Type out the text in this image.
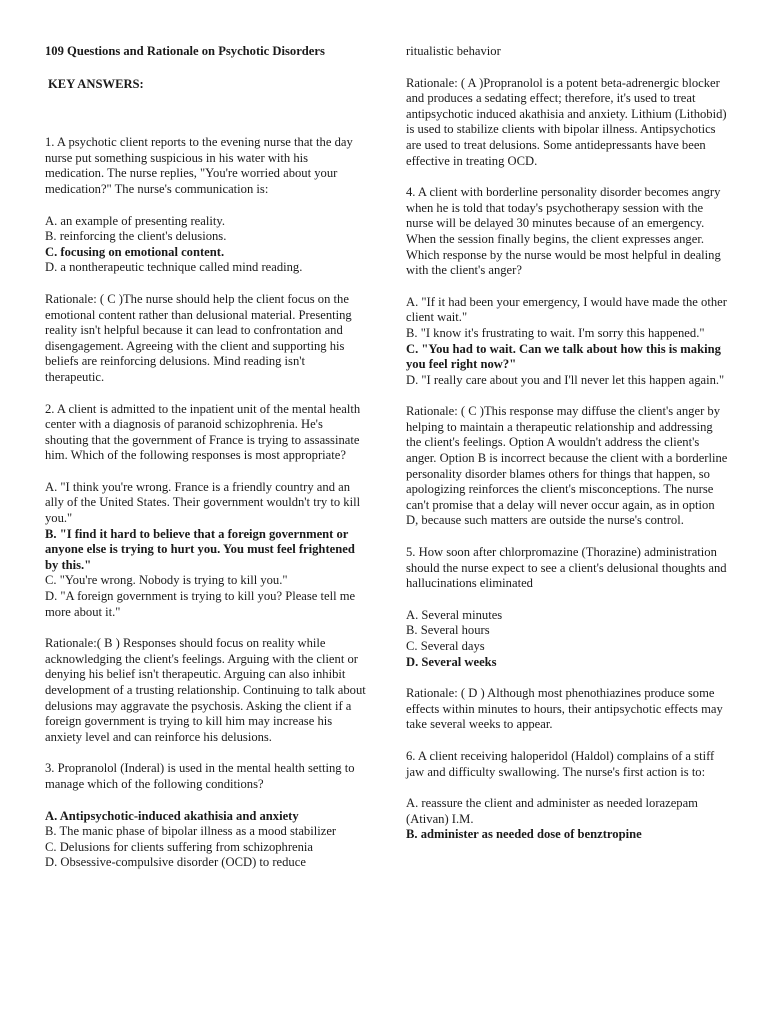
109 Questions and Rationale on Psychotic Disorders

KEY ANSWERS:

1. A psychotic client reports to the evening nurse that the day nurse put something suspicious in his water with his medication. The nurse replies, "You're worried about your medication?" The nurse's communication is:

A. an example of presenting reality.

B. reinforcing the client's delusions.

C. focusing on emotional content.

D. a nontherapeutic technique called mind reading.

Rationale: ( C )The nurse should help the client focus on the emotional content rather than delusional material. Presenting reality isn't helpful because it can lead to confrontation and disengagement. Agreeing with the client and supporting his beliefs are reinforcing delusions. Mind reading isn't therapeutic.

2. A client is admitted to the inpatient unit of the mental health center with a diagnosis of paranoid schizophrenia. He's shouting that the government of France is trying to assassinate him. Which of the following responses is most appropriate?

A. "I think you're wrong. France is a friendly country and an ally of the United States. Their government wouldn't try to kill you."

B. "I find it hard to believe that a foreign government or anyone else is trying to hurt you. You must feel frightened by this."

C. "You're wrong. Nobody is trying to kill you."

D. "A foreign government is trying to kill you? Please tell me more about it."

Rationale:( B ) Responses should focus on reality while acknowledging the client's feelings. Arguing with the client or denying his belief isn't therapeutic. Arguing can also inhibit development of a trusting relationship. Continuing to talk about delusions may aggravate the psychosis. Asking the client if a foreign government is trying to kill him may increase his anxiety level and can reinforce his delusions.

3. Propranolol (Inderal) is used in the mental health setting to manage which of the following conditions?

A. Antipsychotic-induced akathisia and anxiety

B. The manic phase of bipolar illness as a mood stabilizer

C. Delusions for clients suffering from schizophrenia

D. Obsessive-compulsive disorder (OCD) to reduce

ritualistic behavior

Rationale: ( A )Propranolol is a potent beta-adrenergic blocker and produces a sedating effect; therefore, it's used to treat antipsychotic induced akathisia and anxiety. Lithium (Lithobid) is used to stabilize clients with bipolar illness. Antipsychotics are used to treat delusions. Some antidepressants have been effective in treating OCD.

4. A client with borderline personality disorder becomes angry when he is told that today's psychotherapy session with the nurse will be delayed 30 minutes because of an emergency. When the session finally begins, the client expresses anger. Which response by the nurse would be most helpful in dealing with the client's anger?

A. "If it had been your emergency, I would have made the other client wait."

B. "I know it's frustrating to wait. I'm sorry this happened."

C. "You had to wait. Can we talk about how this is making you feel right now?"

D. "I really care about you and I'll never let this happen again."

Rationale: ( C )This response may diffuse the client's anger by helping to maintain a therapeutic relationship and addressing the client's feelings. Option A wouldn't address the client's anger. Option B is incorrect because the client with a borderline personality disorder blames others for things that happen, so apologizing reinforces the client's misconceptions. The nurse can't promise that a delay will never occur again, as in option D, because such matters are outside the nurse's control.

5. How soon after chlorpromazine (Thorazine) administration should the nurse expect to see a client's delusional thoughts and hallucinations eliminated

A. Several minutes

B. Several hours

C. Several days

D. Several weeks

Rationale: ( D ) Although most phenothiazines produce some effects within minutes to hours, their antipsychotic effects may take several weeks to appear.

6. A client receiving haloperidol (Haldol) complains of a stiff jaw and difficulty swallowing. The nurse's first action is to:

A. reassure the client and administer as needed lorazepam (Ativan) I.M.

B. administer as needed dose of benztropine
